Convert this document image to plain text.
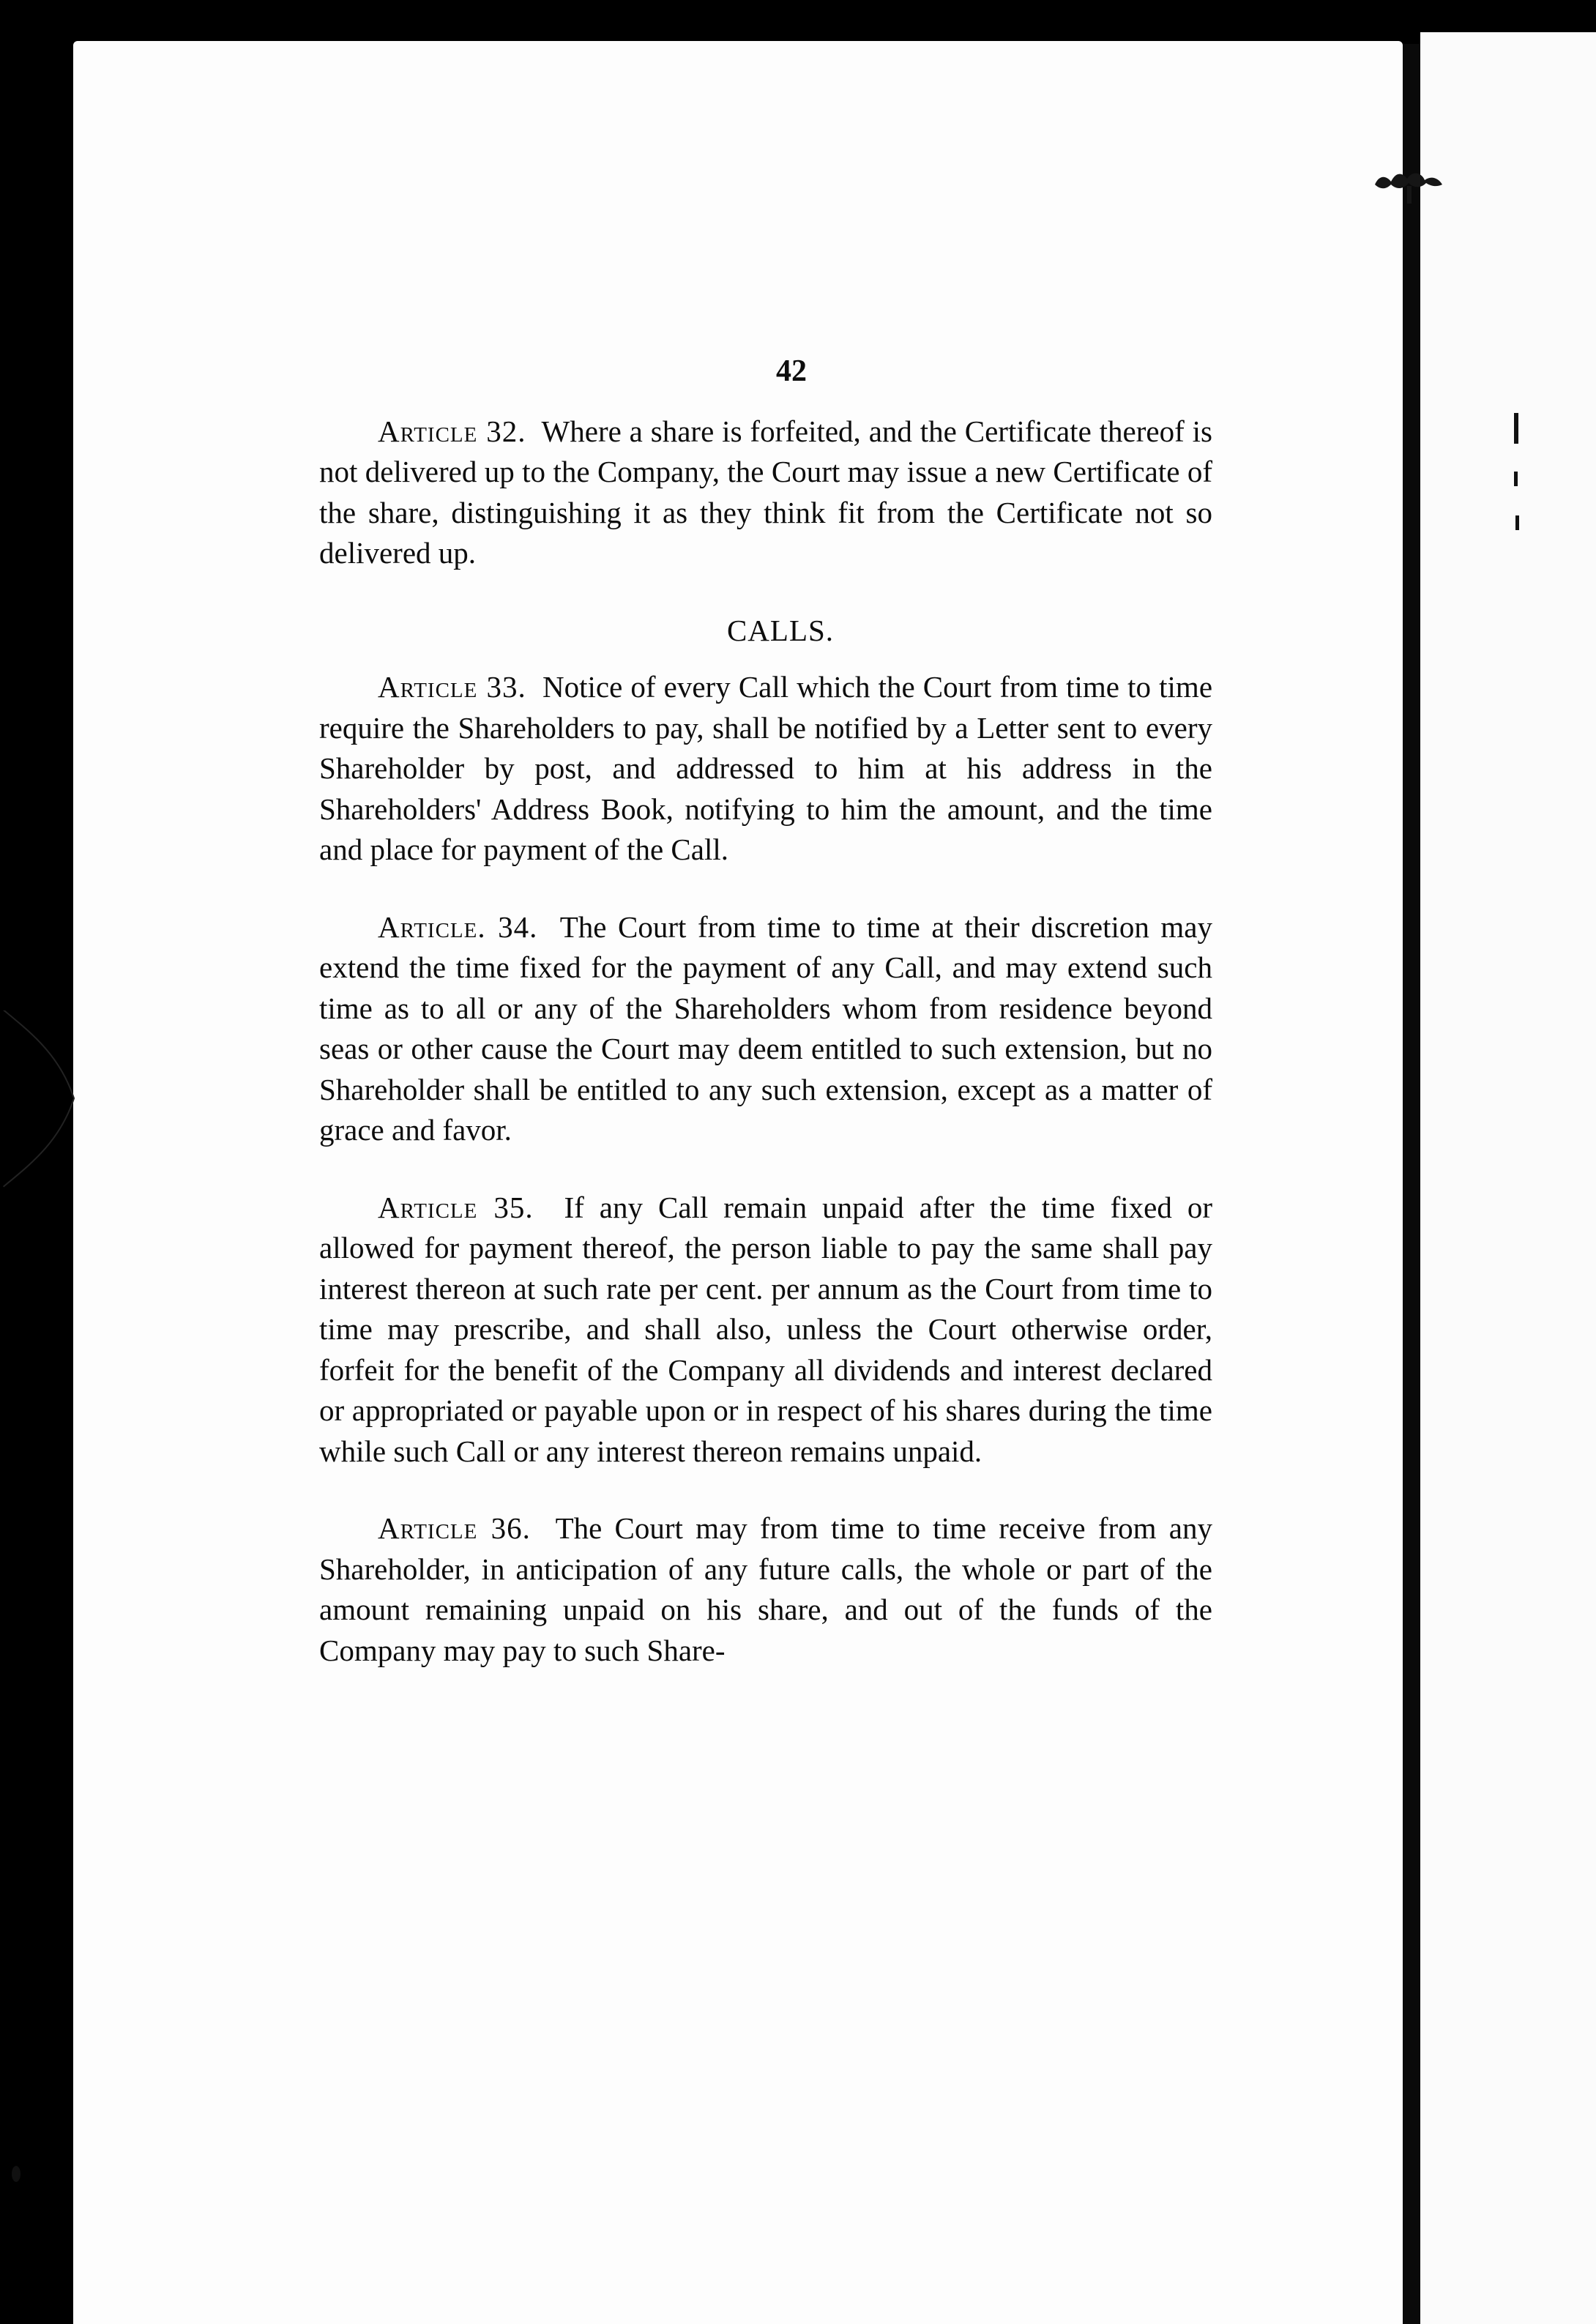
42

Article 32. Where a share is forfeited, and the Certificate thereof is not delivered up to the Company, the Court may issue a new Certificate of the share, distinguishing it as they think fit from the Certificate not so delivered up.

CALLS.

Article 33. Notice of every Call which the Court from time to time require the Shareholders to pay, shall be notified by a Letter sent to every Shareholder by post, and addressed to him at his address in the Shareholders' Address Book, notifying to him the amount, and the time and place for payment of the Call.

Article. 34. The Court from time to time at their discretion may extend the time fixed for the payment of any Call, and may extend such time as to all or any of the Shareholders whom from residence beyond seas or other cause the Court may deem entitled to such extension, but no Shareholder shall be entitled to any such extension, except as a matter of grace and favor.

Article 35. If any Call remain unpaid after the time fixed or allowed for payment thereof, the person liable to pay the same shall pay interest thereon at such rate per cent. per annum as the Court from time to time may prescribe, and shall also, unless the Court otherwise order, forfeit for the benefit of the Company all dividends and interest declared or appropriated or payable upon or in respect of his shares during the time while such Call or any interest thereon remains unpaid.

Article 36. The Court may from time to time receive from any Shareholder, in anticipation of any future calls, the whole or part of the amount remaining unpaid on his share, and out of the funds of the Company may pay to such Share-
